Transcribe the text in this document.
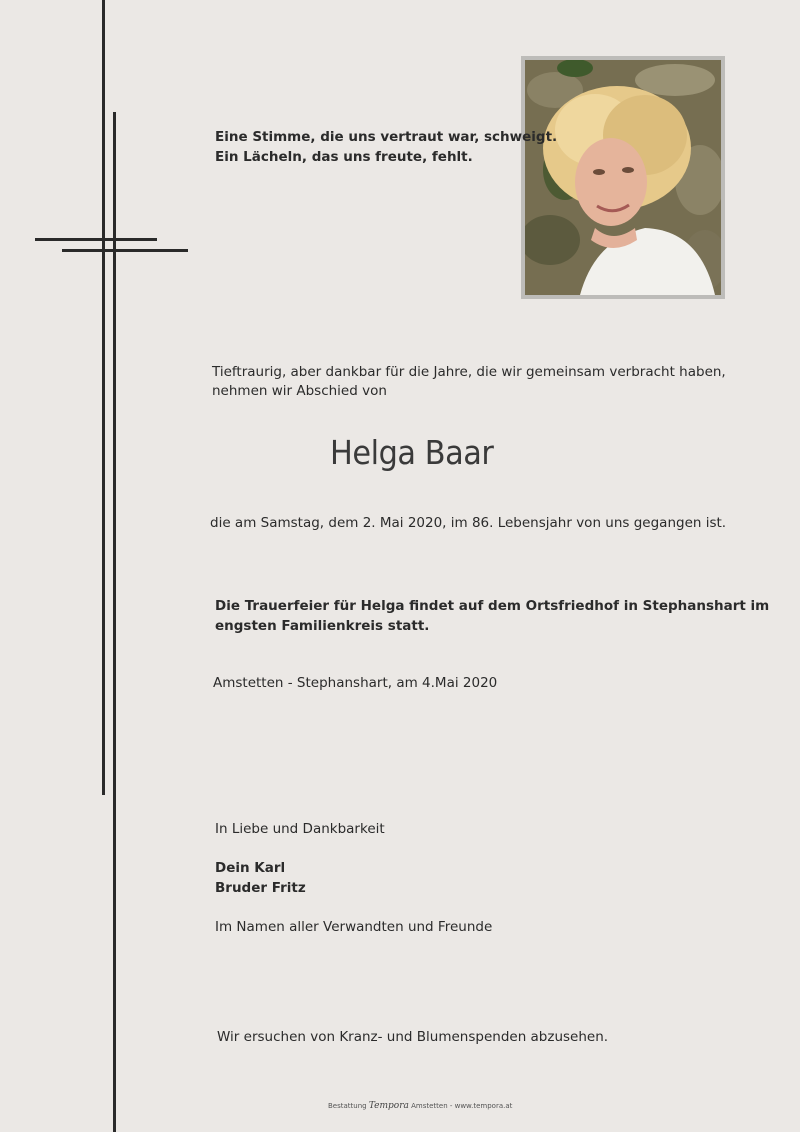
Eine Stimme, die uns vertraut war, schweigt.
Ein Lächeln, das uns freute, fehlt.
Tieftraurig, aber dankbar für die Jahre, die wir gemeinsam verbracht haben,
nehmen wir Abschied von
Helga Baar
die am Samstag, dem 2. Mai 2020, im 86. Lebensjahr von uns gegangen ist.
Die Trauerfeier für Helga findet auf dem Ortsfriedhof in Stephanshart im
engsten Familienkreis statt.
Amstetten - Stephanshart, am 4.Mai 2020
In Liebe und Dankbarkeit
Dein Karl
Bruder Fritz
Im Namen aller Verwandten und Freunde
Wir ersuchen von Kranz- und Blumenspenden abzusehen.
Bestattung Tempora Amstetten - www.tempora.at
